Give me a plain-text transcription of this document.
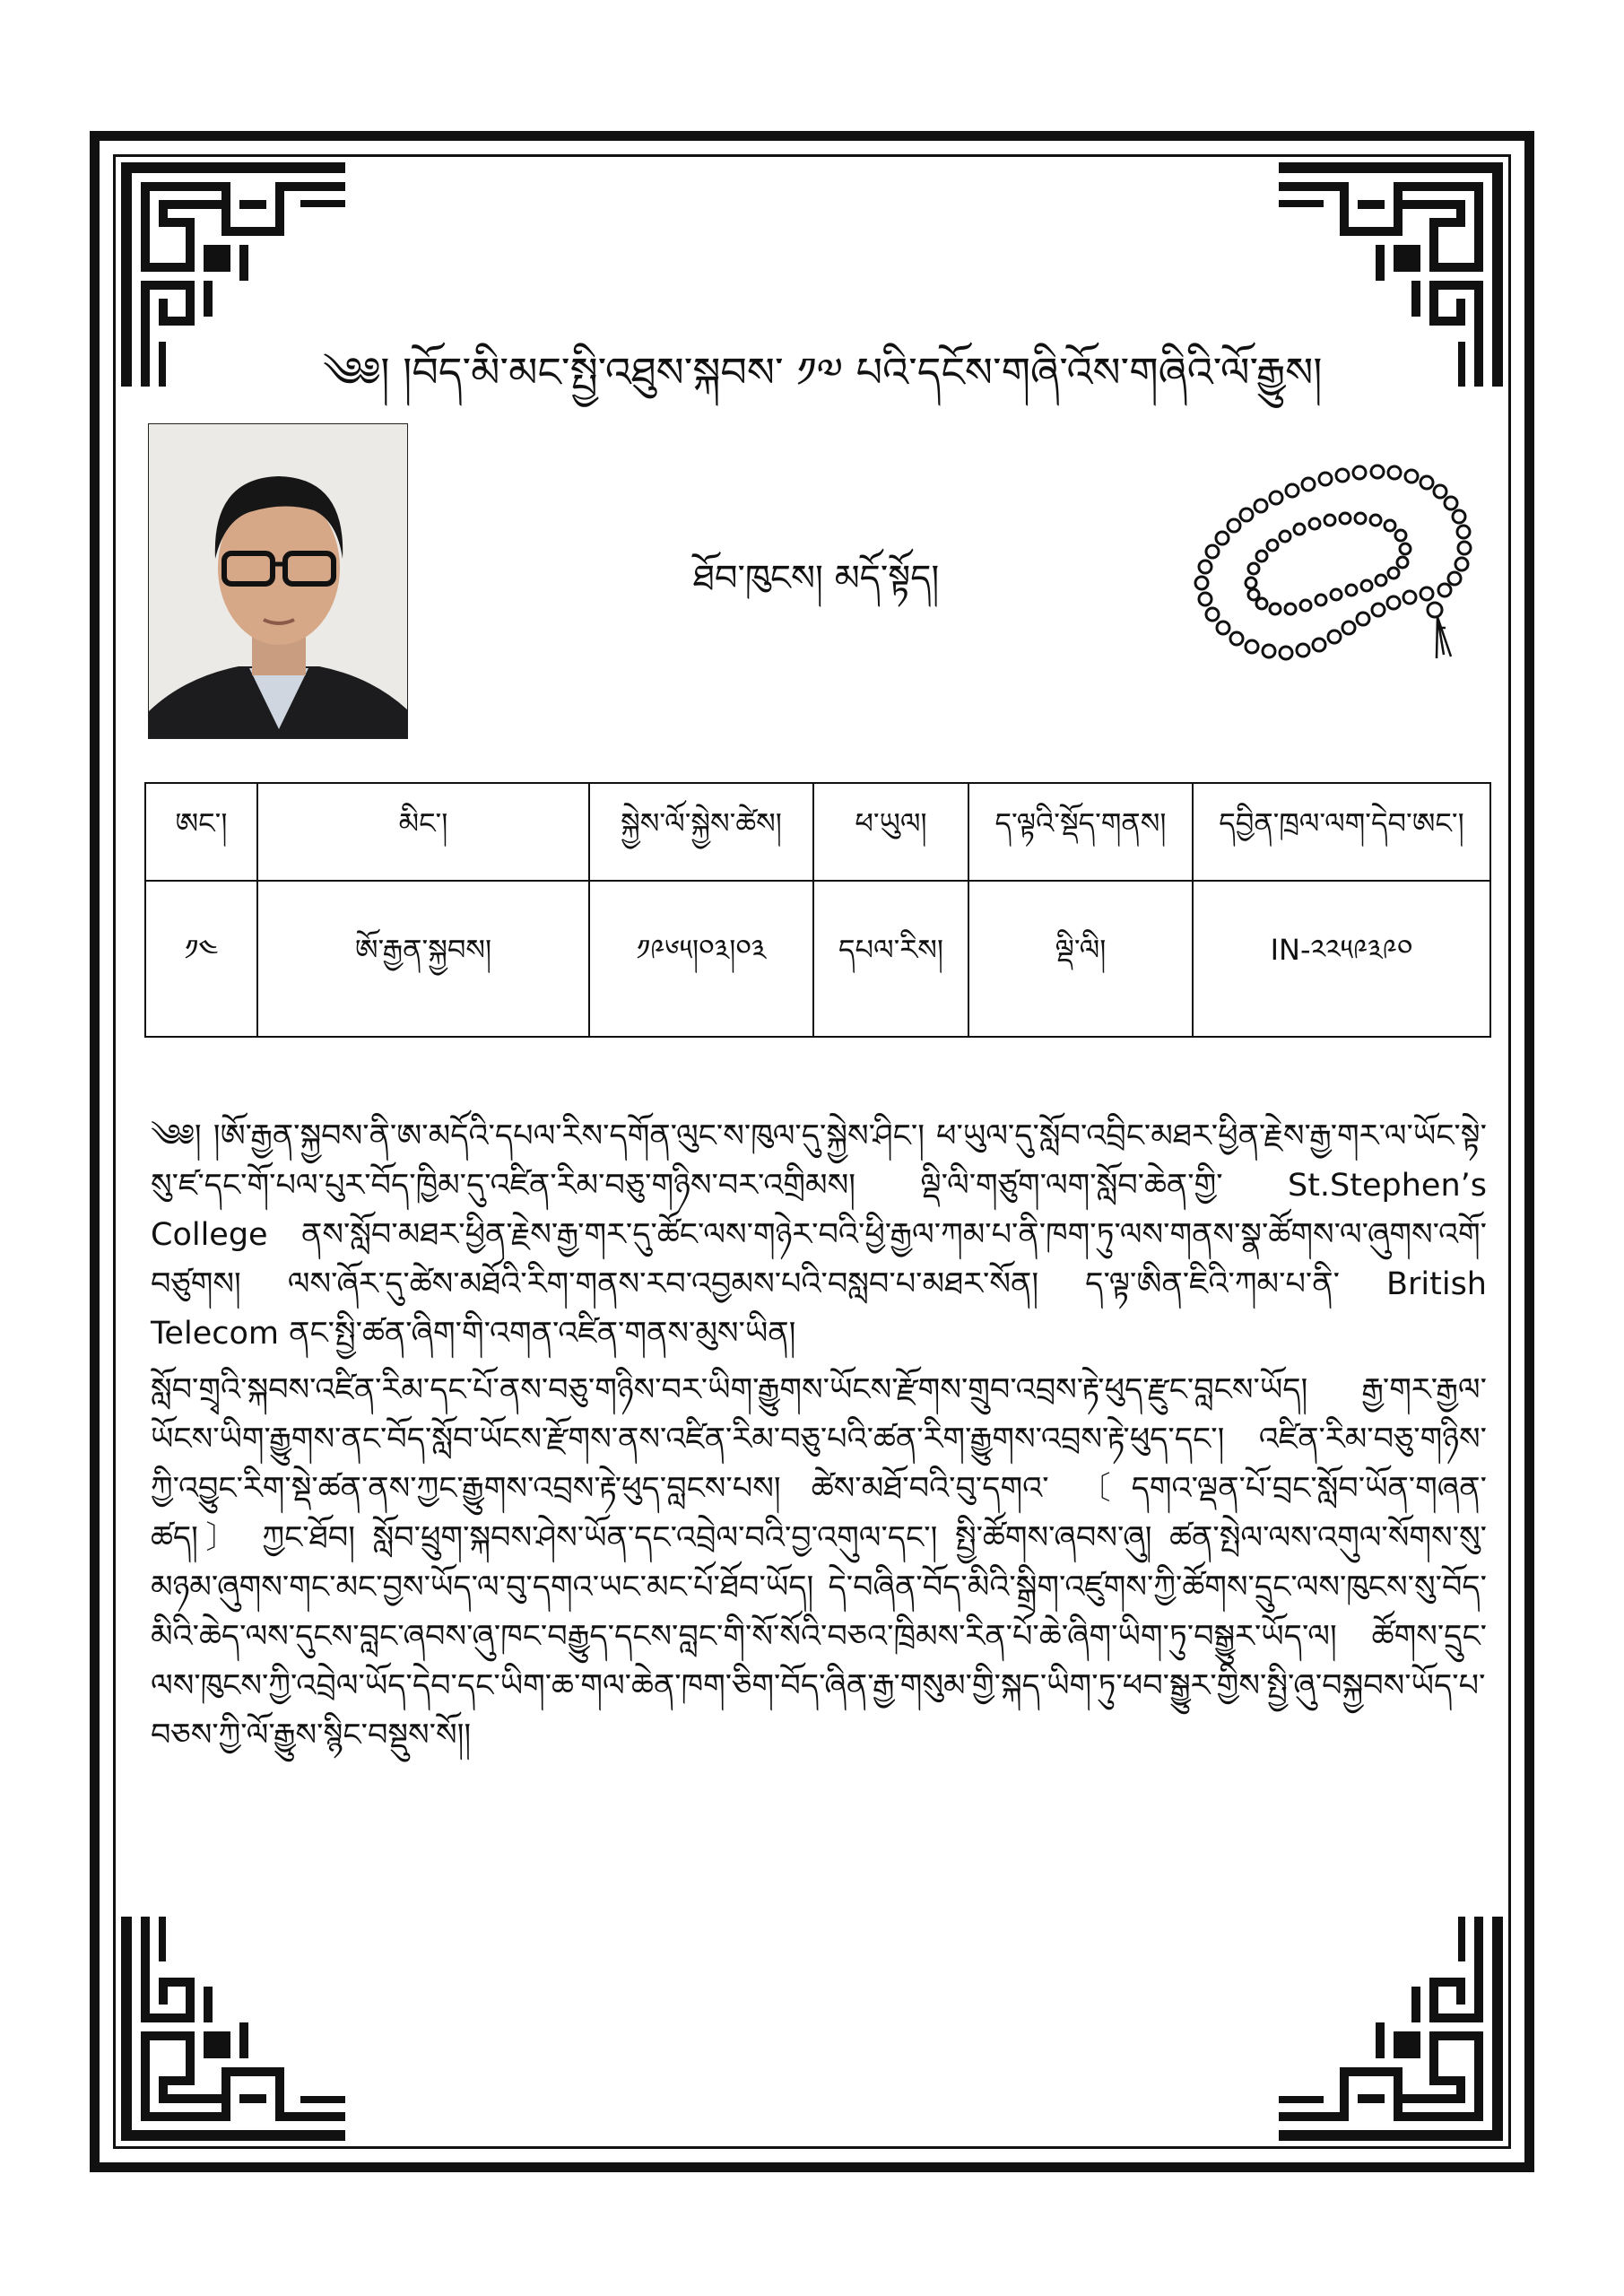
༄༅། །བོད་མི་མང་སྤྱི་འཐུས་སྐབས་ ༡༧ པའི་དངོས་གཞི་འོས་གཞིའི་ལོ་རྒྱུས།
ཐོབ་ཁུངས། མདོ་སྟོད།
ཨང་།	མིང་།	སྐྱེས་ལོ་སྐྱེས་ཚེས།	ཕ་ཡུལ།	ད་ལྟའི་སྡོད་གནས།	དབྱིན་ཁྲལ་ལག་དེབ་ཨང་།
༡༤	ཨོ་རྒྱན་སྐྱབས།	༡༩༦༥།༠༣།༠༣	དཔལ་རིས།	ལྡི་ལི།	IN-༢༢༥༩༣༩༠

༄༅། །ཨོ་རྒྱན་སྐྱབས་ནི་ཨ་མདོའི་དཔལ་རིས་དགོན་ལུང་ས་ཁུལ་དུ་སྐྱེས་ཤིང་། ཕ་ཡུལ་དུ་སློབ་འབྲིང་མཐར་ཕྱིན་རྗེས་རྒྱ་གར་ལ་ཡོང་སྟེ་སུ་ཛ་དང་གོ་པལ་པུར་བོད་ཁྱིམ་དུ་འཛིན་རིམ་བཅུ་གཉིས་བར་འགྲིམས། ལྡི་ལི་གཙུག་ལག་སློབ་ཆེན་གྱི་ St.Stephen’s College ནས་སློབ་མཐར་ཕྱིན་རྗེས་རྒྱ་གར་དུ་ཚོང་ལས་གཉེར་བའི་ཕྱི་རྒྱལ་ཀམ་པ་ནི་ཁག་ཏུ་ལས་གནས་སྣ་ཚོགས་ལ་ཞུགས་འགོ་བཙུགས། ལས་ཞོར་དུ་ཚེས་མཐོའི་རིག་གནས་རབ་འབྱམས་པའི་བསླབ་པ་མཐར་སོན། ད་ལྟ་ཨིན་ཇིའི་ཀམ་པ་ནི་ British Telecom ནང་སྤྱི་ཚན་ཞིག་གི་འགན་འཛིན་གནས་མུས་ཡིན།

སློབ་གྲྭའི་སྐབས་འཛིན་རིམ་དང་པོ་ནས་བཅུ་གཉིས་བར་ཡིག་རྒྱུགས་ཡོངས་རྫོགས་གྲུབ་འབྲས་རྟེ་ཕུད་རྫུང་བླངས་ཡོད། རྒྱ་གར་རྒྱལ་ཡོངས་ཡིག་རྒྱུགས་ནང་བོད་སློབ་ཡོངས་རྫོགས་ནས་འཛིན་རིམ་བཅུ་པའི་ཚན་རིག་རྒྱུགས་འབྲས་རྟེ་ཕུད་དང་། འཛིན་རིམ་བཅུ་གཉིས་ཀྱི་འབྱུང་རིག་སྡེ་ཚན་ནས་ཀྱང་རྒྱུགས་འབྲས་རྟེ་ཕུད་བླངས་པས། ཚེས་མཐོ་བའི་བུ་དགའ་ 〔དགའ་ལྡན་པོ་བྲང་སློབ་ཡོན་གཞན་ཚད།〕 ཀྱང་ཐོབ། སློབ་ཕྲུག་སྐབས་ཤེས་ཡོན་དང་འབྲེལ་བའི་བྱ་འགུལ་དང་། སྤྱི་ཚོགས་ཞབས་ཞུ། ཚན་སྤེལ་ལས་འགུལ་སོགས་སུ་མཉམ་ཞུགས་གང་མང་བྱས་ཡོད་ལ་བུ་དགའ་ཡང་མང་པོ་ཐོབ་ཡོད། དེ་བཞིན་བོད་མིའི་སྒྲིག་འཛུགས་ཀྱི་ཚོགས་དྲུང་ལས་ཁུངས་སུ་བོད་མིའི་ཆེད་ལས་དུངས་བླང་ཞབས་ཞུ་ཁང་བརྒྱུད་དངས་བླང་གི་སོ་སོའི་བཅའ་ཁྲིམས་རིན་པོ་ཆེ་ཞིག་ཡིག་ཏུ་བསྒྱུར་ཡོད་ལ། ཚོགས་དྲུང་ལས་ཁུངས་ཀྱི་འབྲེལ་ཡོད་དེབ་དང་ཡིག་ཆ་གལ་ཆེན་ཁག་ཅིག་བོད་ཞིན་རྒྱ་གསུམ་གྱི་སྐད་ཡིག་ཏུ་ཕབ་སྒྱུར་གྱིས་སྤྱི་ཞུ་བསྐྱབས་ཡོད་པ་བཅས་ཀྱི་ལོ་རྒྱུས་སྙིང་བསྡུས་སོ།།
